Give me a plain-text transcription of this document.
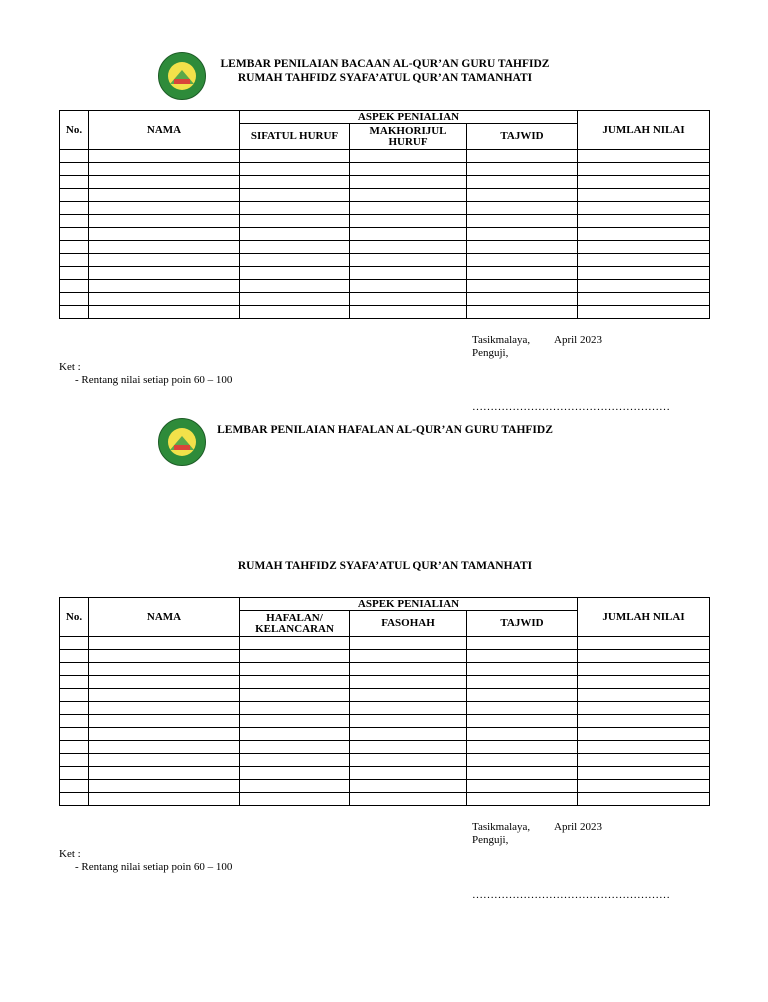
LEMBAR PENILAIAN BACAAN AL-QUR’AN GURU TAHFIDZ
RUMAH TAHFIDZ SYAFA’ATUL QUR’AN TAMANHATI
No.	NAMA	ASPEK PENIALIAN			JUMLAH NILAI
		SIFATUL HURUF	MAKHORIJUL HURUF	TAJWID	

Tasikmalaya, April 2023
Penguji,
Ket :
- Rentang nilai setiap poin 60 – 100
………………………………………………
LEMBAR PENILAIAN HAFALAN AL-QUR’AN GURU TAHFIDZ
RUMAH TAHFIDZ SYAFA’ATUL QUR’AN TAMANHATI
No.	NAMA	ASPEK PENIALIAN			JUMLAH NILAI
		HAFALAN/ KELANCARAN	FASOHAH	TAJWID	

Tasikmalaya, April 2023
Penguji,
Ket :
- Rentang nilai setiap poin 60 – 100
………………………………………………
